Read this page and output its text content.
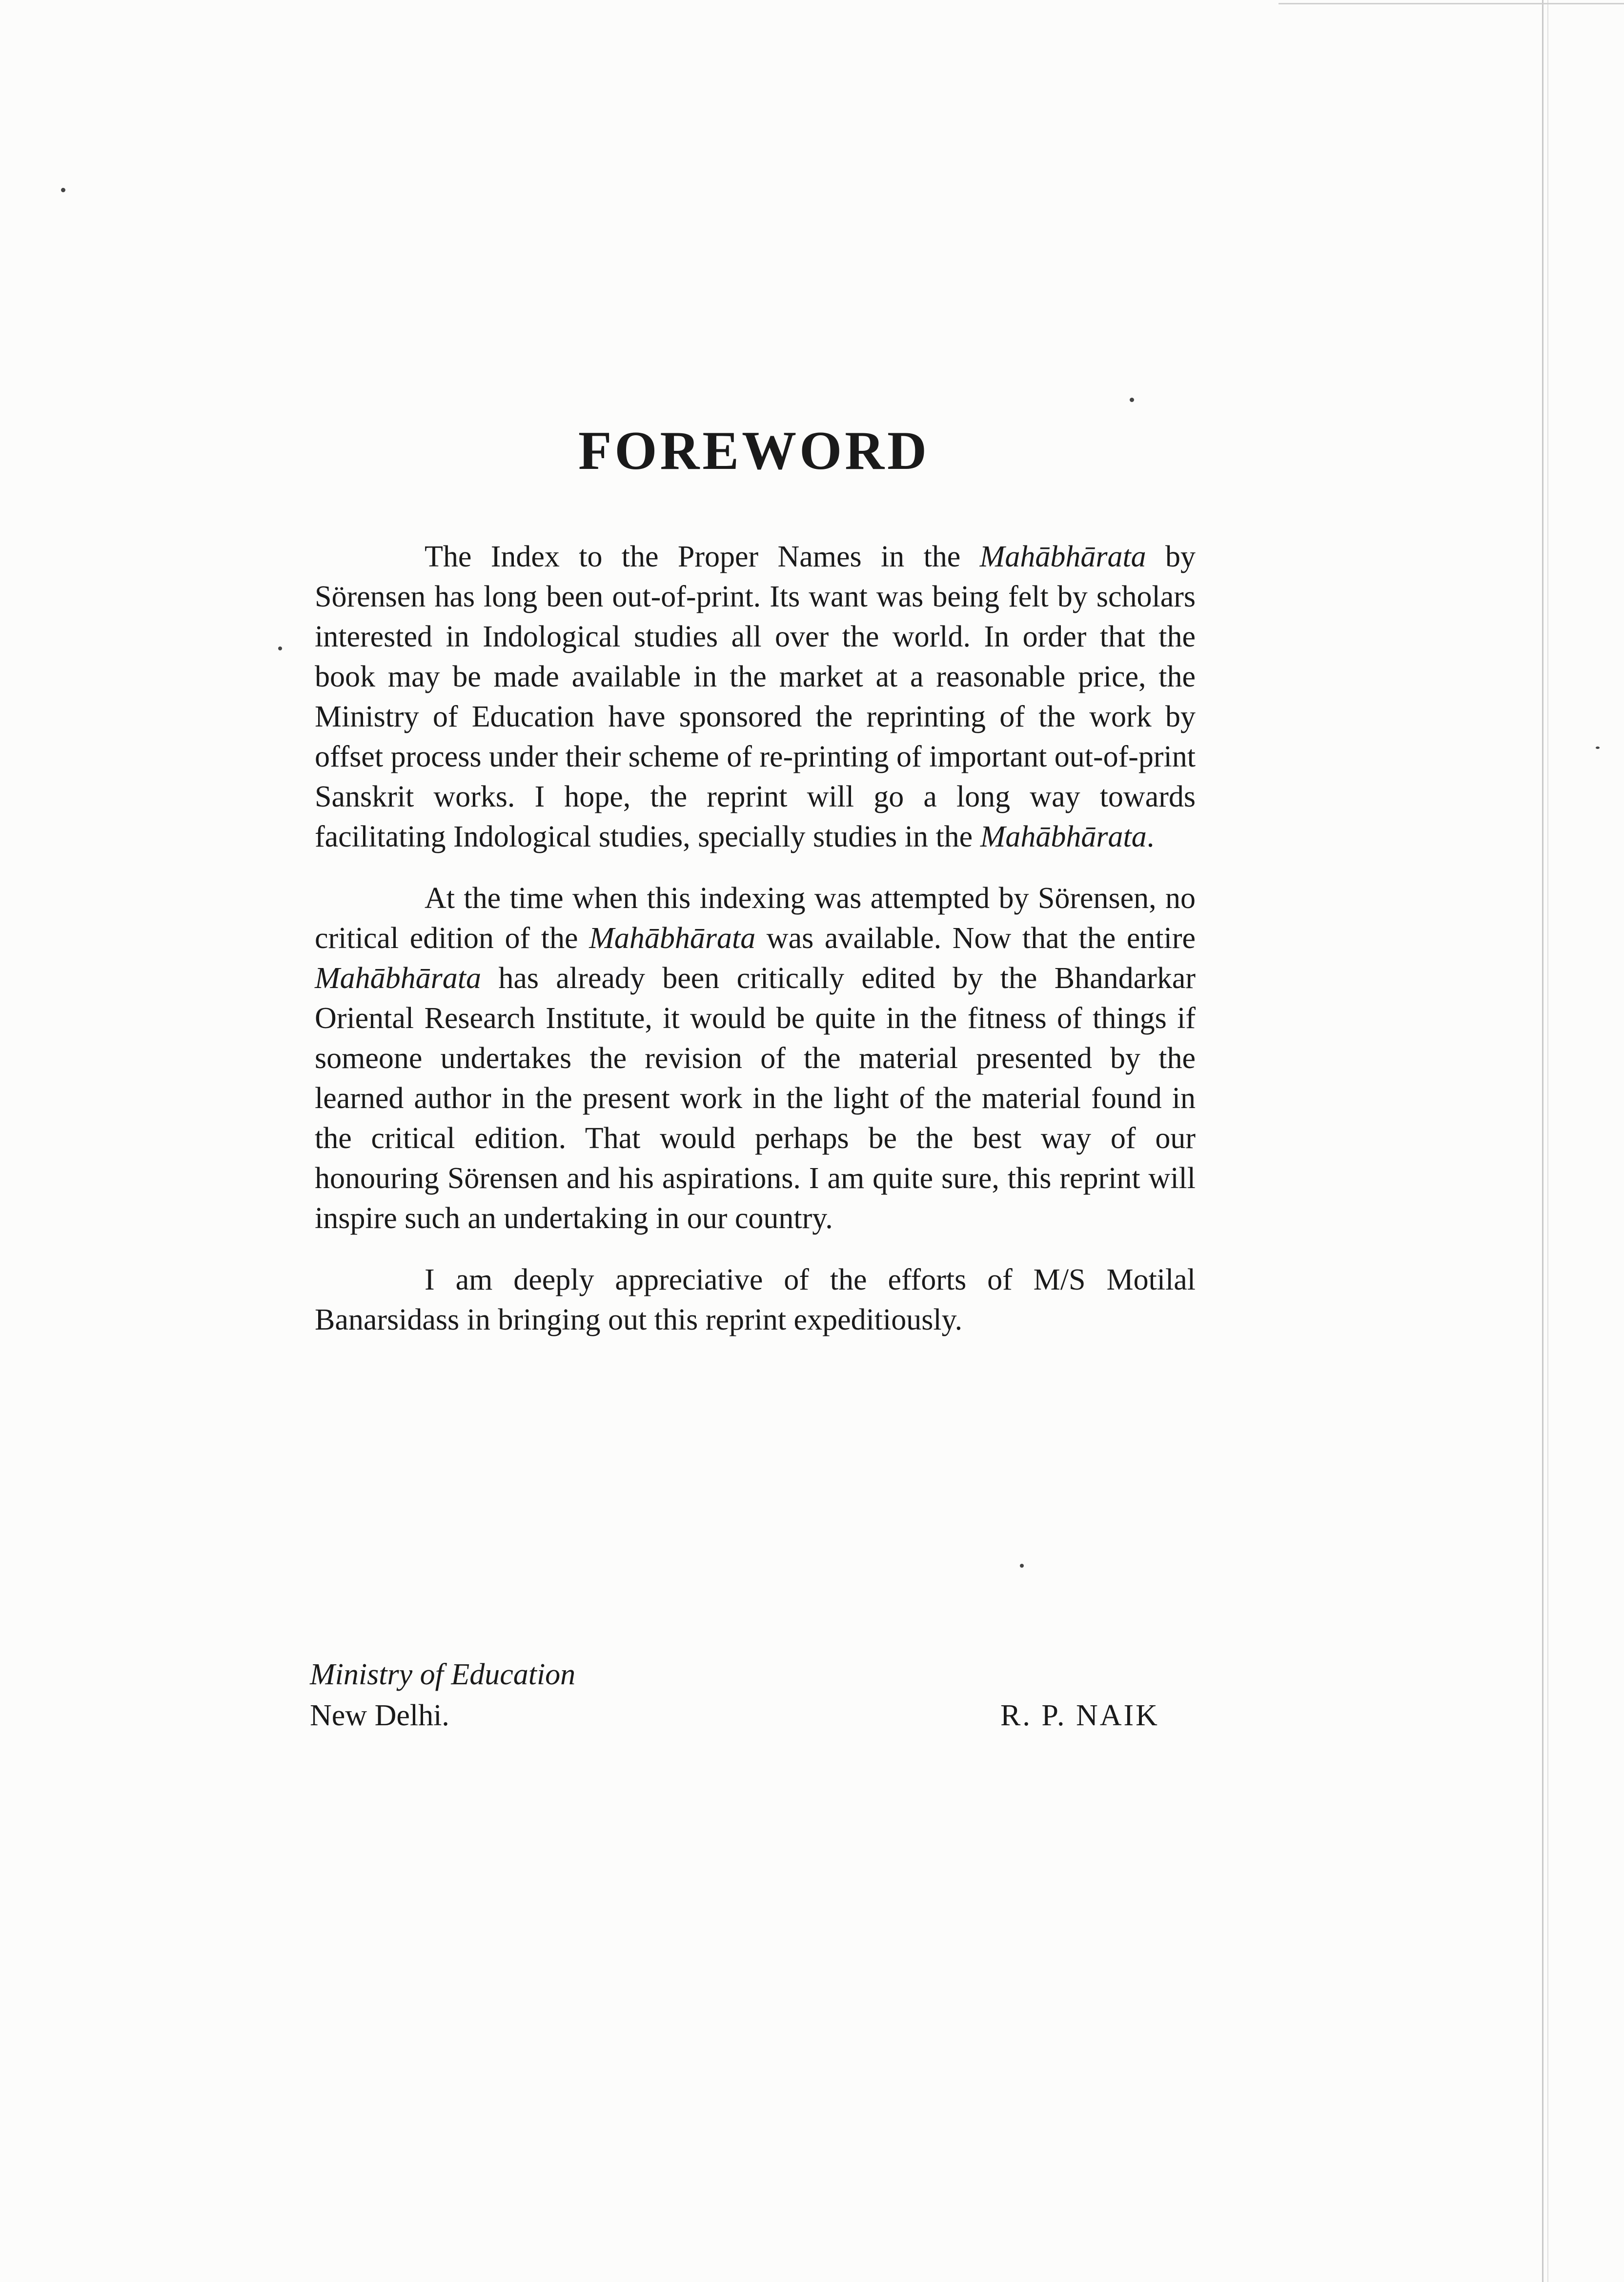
FOREWORD

The Index to the Proper Names in the Mahābhārata by Sörensen has long been out-of-print. Its want was being felt by scholars interested in Indological studies all over the world. In order that the book may be made available in the market at a reasonable price, the Ministry of Education have sponsored the reprinting of the work by offset process under their scheme of re-printing of important out-of-print Sanskrit works. I hope, the reprint will go a long way towards facilitating Indological studies, specially studies in the Mahābhārata.

At the time when this indexing was attempted by Sörensen, no critical edition of the Mahābhārata was available. Now that the entire Mahābhārata has already been critically edited by the Bhandarkar Oriental Research Institute, it would be quite in the fitness of things if someone undertakes the revision of the material presented by the learned author in the present work in the light of the material found in the critical edition. That would perhaps be the best way of our honouring Sörensen and his aspirations. I am quite sure, this reprint will inspire such an undertaking in our country.

I am deeply appreciative of the efforts of M/S Motilal Banarsidass in bringing out this reprint expeditiously.

Ministry of Education
New Delhi.	R. P. NAIK
